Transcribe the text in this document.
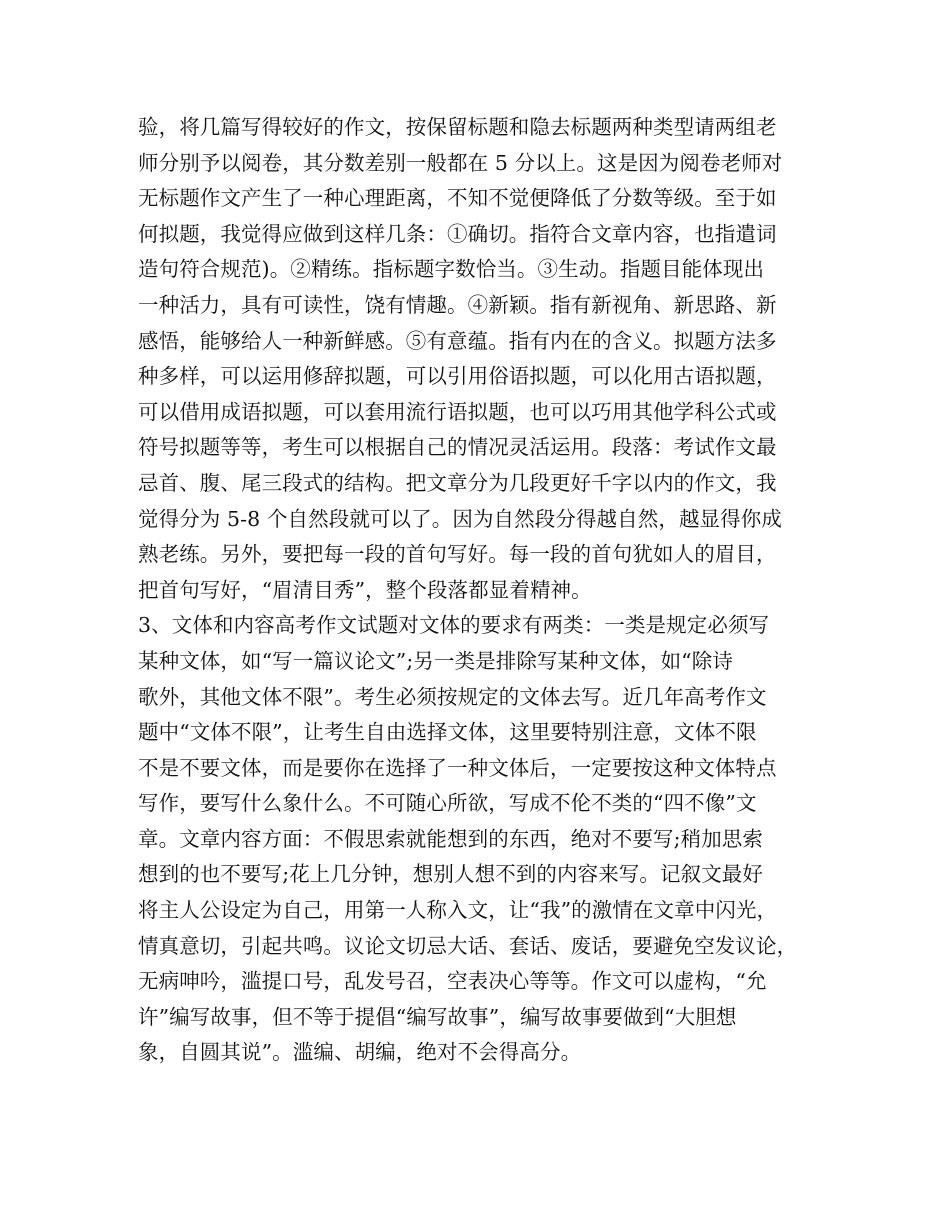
验，将几篇写得较好的作文，按保留标题和隐去标题两种类型请两组老
师分别予以阅卷，其分数差别一般都在 5 分以上。这是因为阅卷老师对
无标题作文产生了一种心理距离，不知不觉便降低了分数等级。至于如
何拟题，我觉得应做到这样几条：①确切。指符合文章内容，也指遣词
造句符合规范)。②精练。指标题字数恰当。③生动。指题目能体现出
一种活力，具有可读性，饶有情趣。④新颖。指有新视角、新思路、新
感悟，能够给人一种新鲜感。⑤有意蕴。指有内在的含义。拟题方法多
种多样，可以运用修辞拟题，可以引用俗语拟题，可以化用古语拟题，
可以借用成语拟题，可以套用流行语拟题，也可以巧用其他学科公式或
符号拟题等等，考生可以根据自己的情况灵活运用。段落：考试作文最
忌首、腹、尾三段式的结构。把文章分为几段更好千字以内的作文，我
觉得分为 5-8 个自然段就可以了。因为自然段分得越自然，越显得你成
熟老练。另外，要把每一段的首句写好。每一段的首句犹如人的眉目，
把首句写好，“眉清目秀”，整个段落都显着精神。
3、文体和内容高考作文试题对文体的要求有两类：一类是规定必须写
某种文体，如“写一篇议论文”;另一类是排除写某种文体，如“除诗
歌外，其他文体不限”。考生必须按规定的文体去写。近几年高考作文
题中“文体不限”，让考生自由选择文体，这里要特别注意，文体不限
不是不要文体，而是要你在选择了一种文体后，一定要按这种文体特点
写作，要写什么象什么。不可随心所欲，写成不伦不类的“四不像”文
章。文章内容方面：不假思索就能想到的东西，绝对不要写;稍加思索
想到的也不要写;花上几分钟，想别人想不到的内容来写。记叙文最好
将主人公设定为自己，用第一人称入文，让“我”的激情在文章中闪光，
情真意切，引起共鸣。议论文切忌大话、套话、废话，要避免空发议论，
无病呻吟，滥提口号，乱发号召，空表决心等等。作文可以虚构，“允
许”编写故事，但不等于提倡“编写故事”，编写故事要做到“大胆想
象，自圆其说”。滥编、胡编，绝对不会得高分。
